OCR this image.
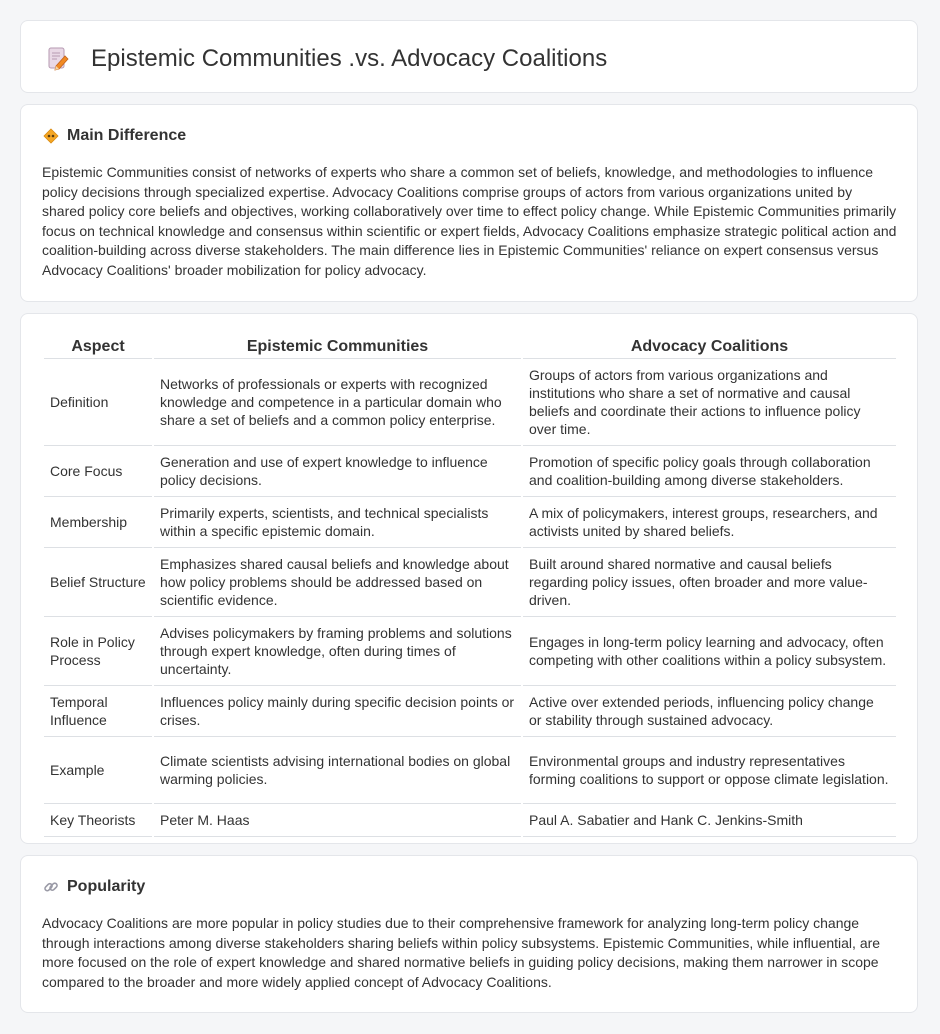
Epistemic Communities .vs. Advocacy Coalitions
Main Difference

Epistemic Communities consist of networks of experts who share a common set of beliefs, knowledge, and methodologies to influence policy decisions through specialized expertise. Advocacy Coalitions comprise groups of actors from various organizations united by shared policy core beliefs and objectives, working collaboratively over time to effect policy change. While Epistemic Communities primarily focus on technical knowledge and consensus within scientific or expert fields, Advocacy Coalitions emphasize strategic political action and coalition-building across diverse stakeholders. The main difference lies in Epistemic Communities' reliance on expert consensus versus Advocacy Coalitions' broader mobilization for policy advocacy.

Aspect	Epistemic Communities	Advocacy Coalitions
Definition	Networks of professionals or experts with recognized knowledge and competence in a particular domain who share a set of beliefs and a common policy enterprise.	Groups of actors from various organizations and institutions who share a set of normative and causal beliefs and coordinate their actions to influence policy over time.
Core Focus	Generation and use of expert knowledge to influence policy decisions.	Promotion of specific policy goals through collaboration and coalition-building among diverse stakeholders.
Membership	Primarily experts, scientists, and technical specialists within a specific epistemic domain.	A mix of policymakers, interest groups, researchers, and activists united by shared beliefs.
Belief Structure	Emphasizes shared causal beliefs and knowledge about how policy problems should be addressed based on scientific evidence.	Built around shared normative and causal beliefs regarding policy issues, often broader and more value-driven.
Role in Policy Process	Advises policymakers by framing problems and solutions through expert knowledge, often during times of uncertainty.	Engages in long-term policy learning and advocacy, often competing with other coalitions within a policy subsystem.
Temporal Influence	Influences policy mainly during specific decision points or crises.	Active over extended periods, influencing policy change or stability through sustained advocacy.
Example	Climate scientists advising international bodies on global warming policies.	Environmental groups and industry representatives forming coalitions to support or oppose climate legislation.
Key Theorists	Peter M. Haas	Paul A. Sabatier and Hank C. Jenkins-Smith
Popularity

Advocacy Coalitions are more popular in policy studies due to their comprehensive framework for analyzing long-term policy change through interactions among diverse stakeholders sharing beliefs within policy subsystems. Epistemic Communities, while influential, are more focused on the role of expert knowledge and shared normative beliefs in guiding policy decisions, making them narrower in scope compared to the broader and more widely applied concept of Advocacy Coalitions.
